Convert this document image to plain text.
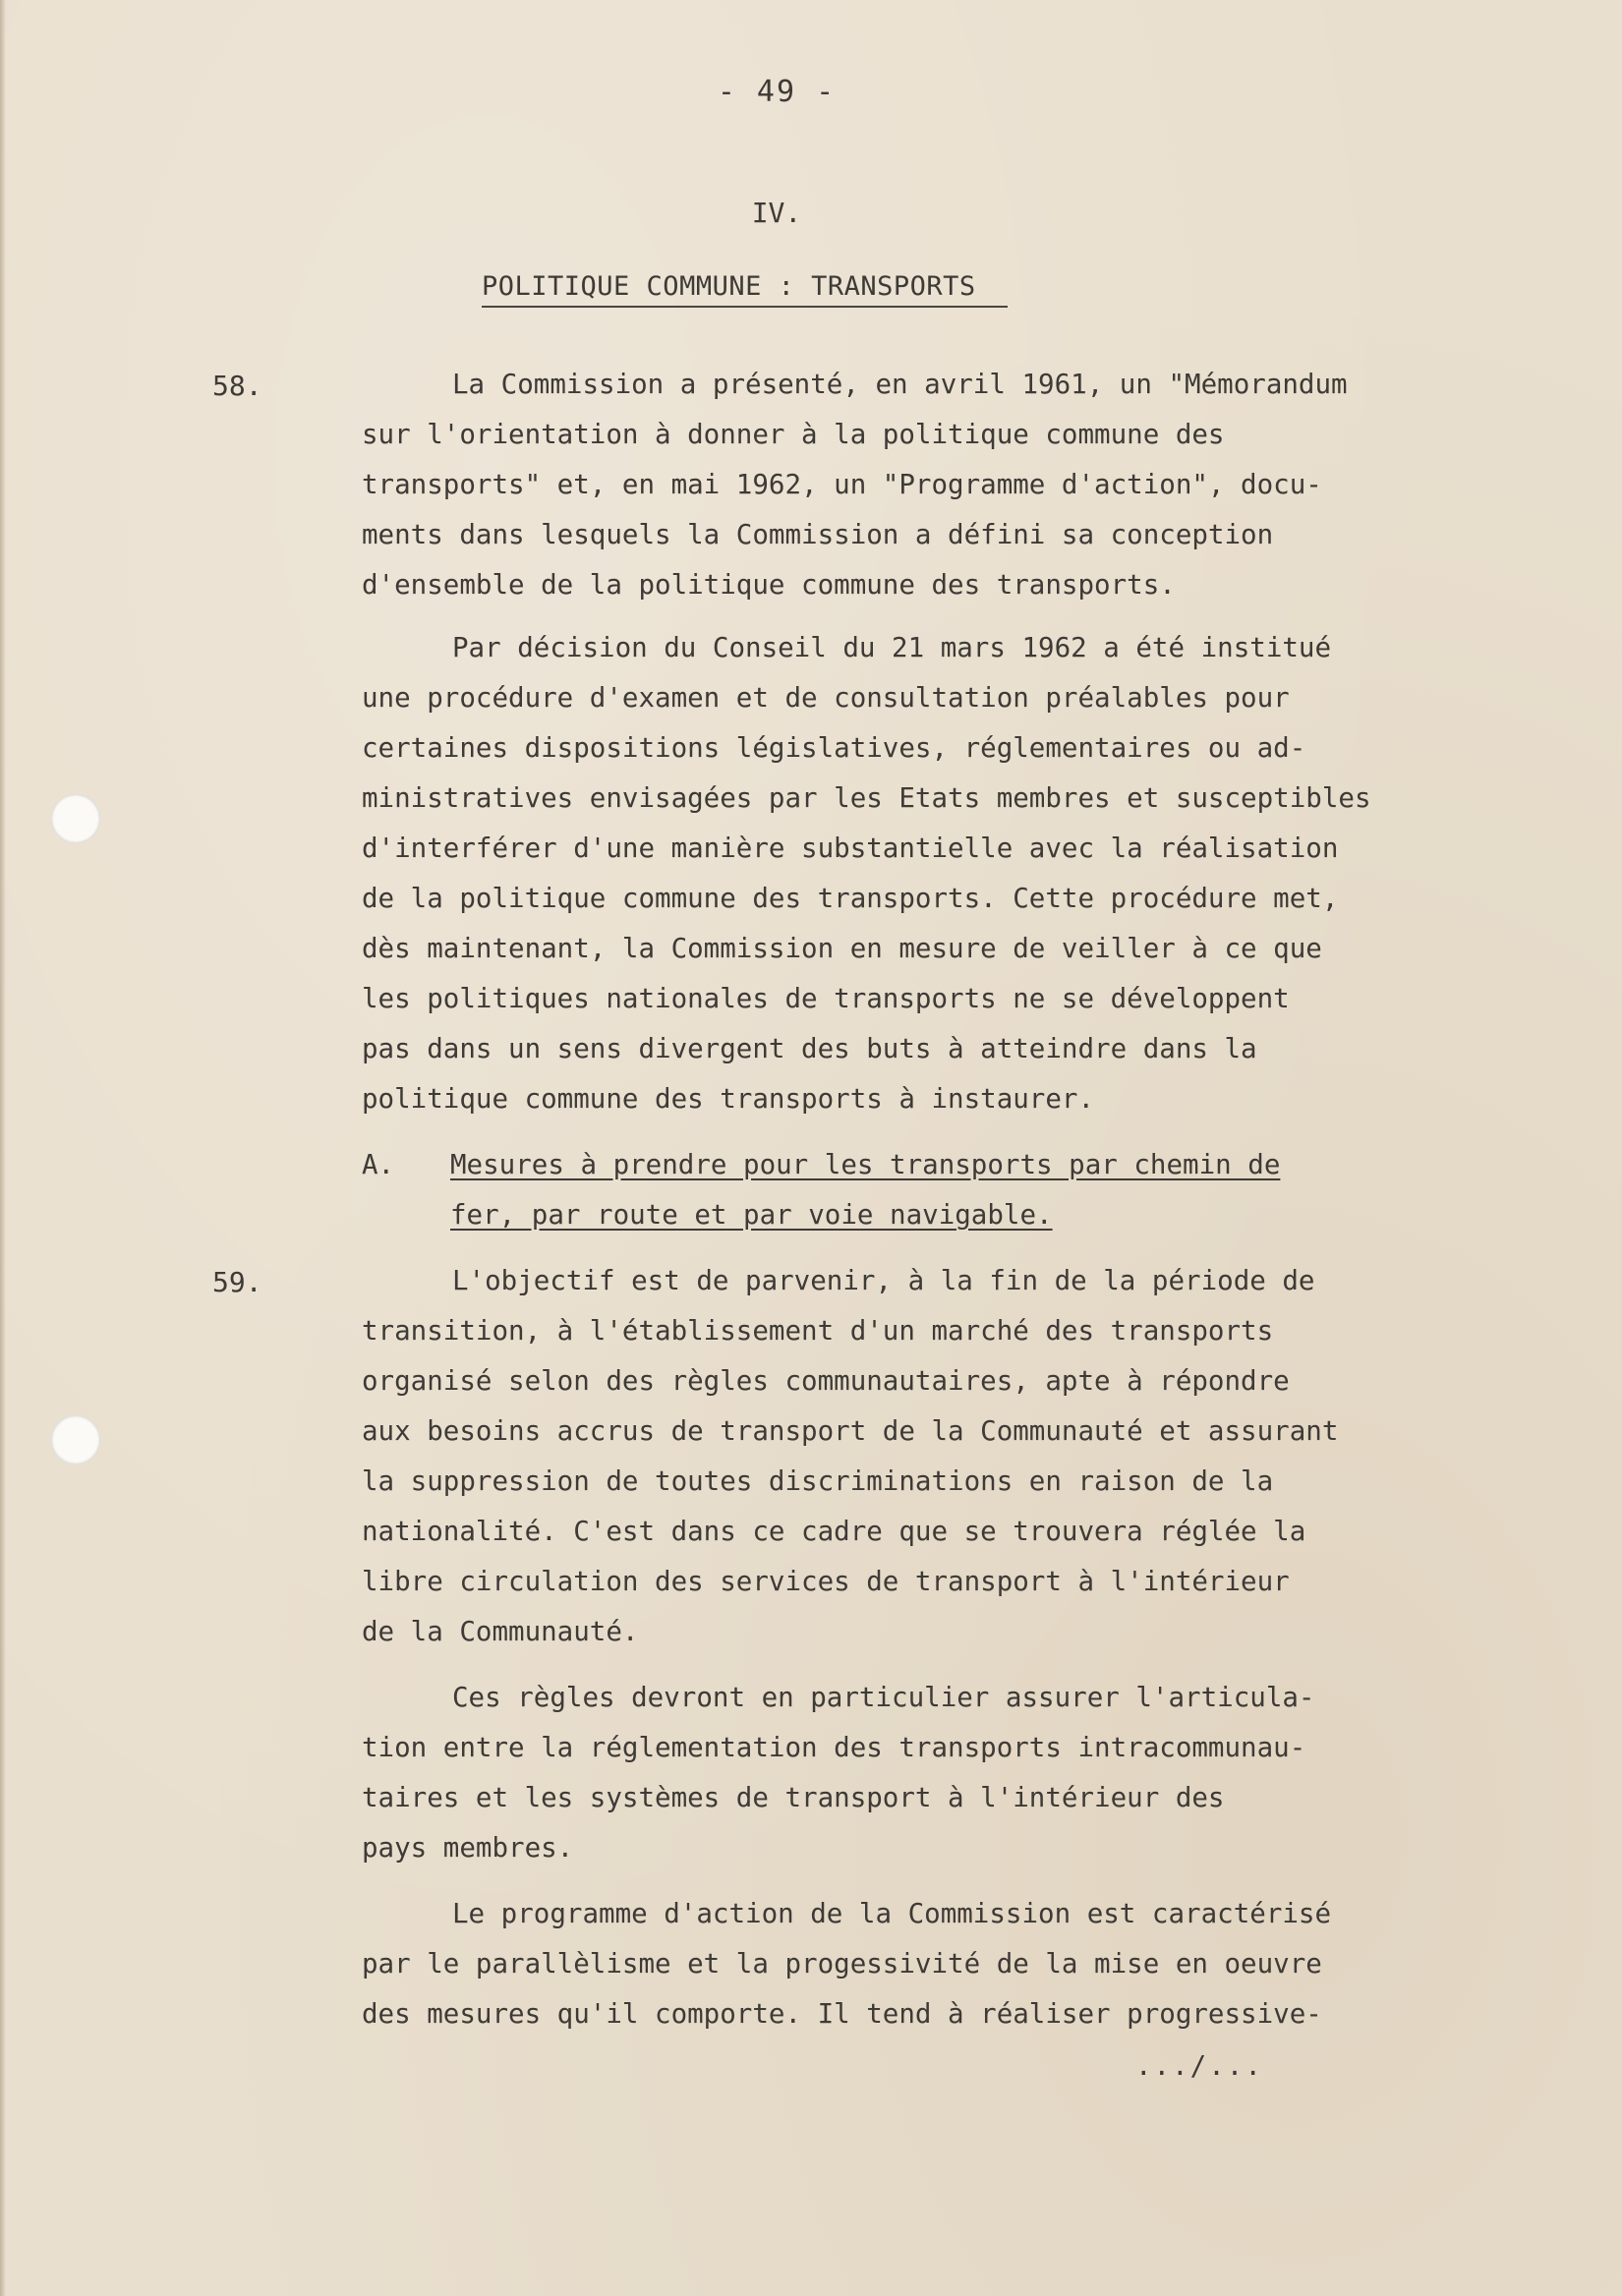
- 49 -
IV.
POLITIQUE COMMUNE : TRANSPORTS
58.	La Commission a présenté, en avril 1961, un "Mémorandum
sur l'orientation à donner à la politique commune des
transports" et, en mai 1962, un "Programme d'action", docu-
ments dans lesquels la Commission a défini sa conception
d'ensemble de la politique commune des transports.
Par décision du Conseil du 21 mars 1962 a été institué
une procédure d'examen et de consultation préalables pour
certaines dispositions législatives, réglementaires ou ad-
ministratives envisagées par les Etats membres et susceptibles
d'interférer d'une manière substantielle avec la réalisation
de la politique commune des transports. Cette procédure met,
dès maintenant, la Commission en mesure de veiller à ce que
les politiques nationales de transports ne se développent
pas dans un sens divergent des buts à atteindre dans la
politique commune des transports à instaurer.
A. Mesures à prendre pour les transports par chemin de
fer, par route et par voie navigable.
59.	L'objectif est de parvenir, à la fin de la période de
transition, à l'établissement d'un marché des transports
organisé selon des règles communautaires, apte à répondre
aux besoins accrus de transport de la Communauté et assurant
la suppression de toutes discriminations en raison de la
nationalité. C'est dans ce cadre que se trouvera réglée la
libre circulation des services de transport à l'intérieur
de la Communauté.
Ces règles devront en particulier assurer l'articula-
tion entre la réglementation des transports intracommunau-
taires et les systèmes de transport à l'intérieur des
pays membres.
Le programme d'action de la Commission est caractérisé
par le parallèlisme et la progessivité de la mise en oeuvre
des mesures qu'il comporte. Il tend à réaliser progressive-
.../...
